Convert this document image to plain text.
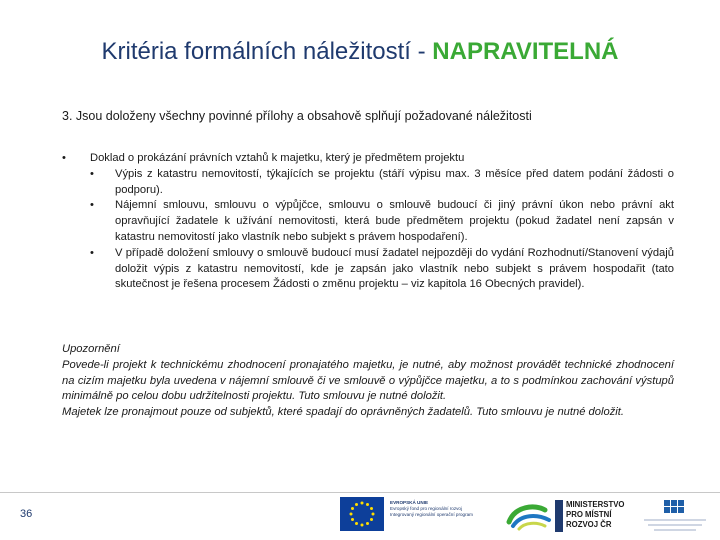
Kritéria formálních náležitostí - NAPRAVITELNÁ
3. Jsou doloženy všechny povinné přílohy a obsahově splňují požadované náležitosti
•	Doklad o prokázání právních vztahů k majetku, který je předmětem projektu
•	Výpis z katastru nemovitostí, týkajících se projektu (stáří výpisu max. 3 měsíce před datem podání žádosti o podporu).
•	Nájemní smlouvu, smlouvu o výpůjčce, smlouvu o smlouvě budoucí či jiný právní úkon nebo právní akt opravňující žadatele k užívání nemovitosti, která bude předmětem projektu (pokud žadatel není zapsán v katastru nemovitostí jako vlastník nebo subjekt s právem hospodaření).
•	V případě doložení smlouvy o smlouvě budoucí musí žadatel nejpozději do vydání Rozhodnutí/Stanovení výdajů doložit výpis z katastru nemovitostí, kde je zapsán jako vlastník nebo subjekt s právem hospodařit (tato skutečnost je řešena procesem Žádosti o změnu projektu – viz kapitola 16 Obecných pravidel).

Upozornění

Povede-li projekt k technickému zhodnocení pronajatého majetku, je nutné, aby možnost provádět technické zhodnocení na cizím majetku byla uvedena v nájemní smlouvě či ve smlouvě o výpůjčce majetku, a to s podmínkou zachování výstupů minimálně po celou dobu udržitelnosti projektu. Tuto smlouvu je nutné doložit.

Majetek lze pronajmout pouze od subjektů, které spadají do oprávněných žadatelů. Tuto smlouvu je nutné doložit.

36
EVROPSKÁ UNIE
Evropský fond pro regionální rozvoj
Integrovaný regionální operační program
MINISTERSTVO
PRO MÍSTNÍ
ROZVOJ ČR
